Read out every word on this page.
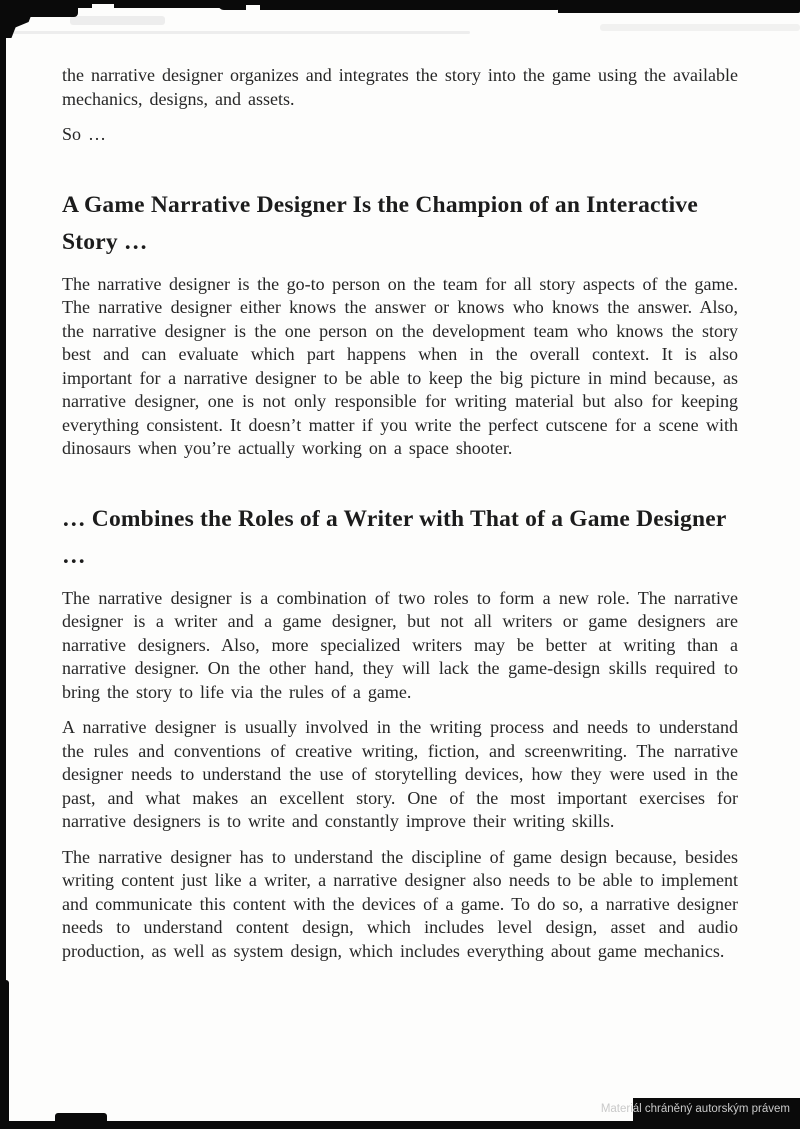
the narrative designer organizes and integrates the story into the game using the available mechanics, designs, and assets.

So …

A Game Narrative Designer Is the Champion of an Interactive Story …

The narrative designer is the go-to person on the team for all story aspects of the game. The narrative designer either knows the answer or knows who knows the answer. Also, the narrative designer is the one person on the development team who knows the story best and can evaluate which part happens when in the overall context. It is also important for a narrative designer to be able to keep the big picture in mind because, as narrative designer, one is not only responsible for writing material but also for keeping everything consistent. It doesn’t matter if you write the perfect cutscene for a scene with dinosaurs when you’re actually working on a space shooter.

… Combines the Roles of a Writer with That of a Game Designer …

The narrative designer is a combination of two roles to form a new role. The narrative designer is a writer and a game designer, but not all writers or game designers are narrative designers. Also, more specialized writers may be better at writing than a narrative designer. On the other hand, they will lack the game-design skills required to bring the story to life via the rules of a game.

A narrative designer is usually involved in the writing process and needs to understand the rules and conventions of creative writing, fiction, and screenwriting. The narrative designer needs to understand the use of storytelling devices, how they were used in the past, and what makes an excellent story. One of the most important exercises for narrative designers is to write and constantly improve their writing skills.

The narrative designer has to understand the discipline of game design because, besides writing content just like a writer, a narrative designer also needs to be able to implement and communicate this content with the devices of a game. To do so, a narrative designer needs to understand content design, which includes level design, asset and audio production, as well as system design, which includes everything about game mechanics.

Materiál chráněný autorským právem
